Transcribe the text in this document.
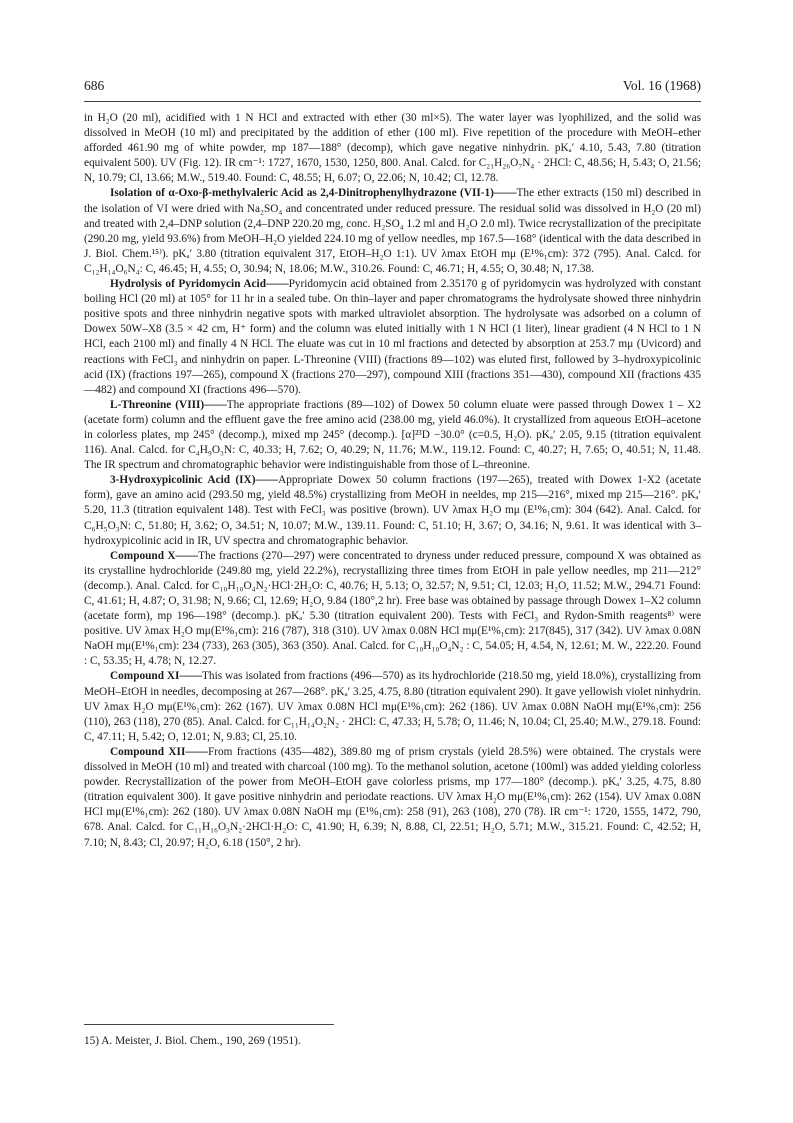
686	Vol. 16 (1968)

in H₂O (20 ml), acidified with 1 N HCl and extracted with ether (30 ml×5). The water layer was lyophilized, and the solid was dissolved in MeOH (10 ml) and precipitated by the addition of ether (100 ml). Five repetition of the procedure with MeOH–ether afforded 461.90 mg of white powder, mp 187—188° (decomp), which gave negative ninhydrin. pKₐ′ 4.10, 5.43, 7.80 (titration equivalent 500). UV (Fig. 12). IR cm⁻¹: 1727, 1670, 1530, 1250, 800. Anal. Calcd. for C₂₁H₂₆O₇N₄ · 2HCl: C, 48.56; H, 5.43; O, 21.56; N, 10.79; Cl, 13.66; M.W., 519.40. Found: C, 48.55; H, 6.07; O, 22.06; N, 10.42; Cl, 12.78.

Isolation of α-Oxo-β-methylvaleric Acid as 2,4-Dinitrophenylhydrazone (VII-1)——The ether extracts (150 ml) described in the isolation of VI were dried with Na₂SO₄ and concentrated under reduced pressure. The residual solid was dissolved in H₂O (20 ml) and treated with 2,4–DNP solution (2,4–DNP 220.20 mg, conc. H₂SO₄ 1.2 ml and H₂O 2.0 ml). Twice recrystallization of the precipitate (290.20 mg, yield 93.6%) from MeOH–H₂O yielded 224.10 mg of yellow needles, mp 167.5—168° (identical with the data described in J. Biol. Chem.¹⁵⁾). pKₐ′ 3.80 (titration equivalent 317, EtOH–H₂O 1:1). UV λmax EtOH mμ (E¹%₁cm): 372 (795). Anal. Calcd. for C₁₂H₁₄O₆N₄: C, 46.45; H, 4.55; O, 30.94; N, 18.06; M.W., 310.26. Found: C, 46.71; H, 4.55; O, 30.48; N, 17.38.

Hydrolysis of Pyridomycin Acid——Pyridomycin acid obtained from 2.35170 g of pyridomycin was hydrolyzed with constant boiling HCl (20 ml) at 105° for 11 hr in a sealed tube. On thin–layer and paper chromatograms the hydrolysate showed three ninhydrin positive spots and three ninhydrin negative spots with marked ultraviolet absorption. The hydrolysate was adsorbed on a column of Dowex 50W–X8 (3.5 × 42 cm, H⁺ form) and the column was eluted initially with 1 N HCl (1 liter), linear gradient (4 N HCl to 1 N HCl, each 2100 ml) and finally 4 N HCl. The eluate was cut in 10 ml fractions and detected by absorption at 253.7 mμ (Uvicord) and reactions with FeCl₃ and ninhydrin on paper. L-Threonine (VIII) (fractions 89—102) was eluted first, followed by 3–hydroxypicolinic acid (IX) (fractions 197—265), compound X (fractions 270—297), compound XIII (fractions 351—430), compound XII (fractions 435—482) and compound XI (fractions 496—570).

L-Threonine (VIII)——The appropriate fractions (89—102) of Dowex 50 column eluate were passed through Dowex 1 – X2 (acetate form) column and the effluent gave the free amino acid (238.00 mg, yield 46.0%). It crystallized from aqueous EtOH–acetone in colorless plates, mp 245° (decomp.), mixed mp 245° (decomp.). [α]²³D −30.0° (c=0.5, H₂O). pKₐ′ 2.05, 9.15 (titration equivalent 116). Anal. Calcd. for C₄H₉O₃N: C, 40.33; H, 7.62; O, 40.29; N, 11.76; M.W., 119.12. Found: C, 40.27; H, 7.65; O, 40.51; N, 11.48. The IR spectrum and chromatographic behavior were indistinguishable from those of L–threonine.

3-Hydroxypicolinic Acid (IX)——Appropriate Dowex 50 column fractions (197—265), treated with Dowex 1-X2 (acetate form), gave an amino acid (293.50 mg, yield 48.5%) crystallizing from MeOH in neeldes, mp 215—216°, mixed mp 215—216°. pKₐ′ 5.20, 11.3 (titration equivalent 148). Test with FeCl₃ was positive (brown). UV λmax H₂O mμ (E¹%₁cm): 304 (642). Anal. Calcd. for C₆H₅O₃N: C, 51.80; H, 3.62; O, 34.51; N, 10.07; M.W., 139.11. Found: C, 51.10; H, 3.67; O, 34.16; N, 9.61. It was identical with 3–hydroxypicolinic acid in IR, UV spectra and chromatographic behavior.

Compound X——The fractions (270—297) were concentrated to dryness under reduced pressure, compound X was obtained as its crystalline hydrochloride (249.80 mg, yield 22.2%), recrystallizing three times from EtOH in pale yellow needles, mp 211—212° (decomp.). Anal. Calcd. for C₁₀H₁₀O₄N₂·HCl·2H₂O: C, 40.76; H, 5.13; O, 32.57; N, 9.51; Cl, 12.03; H₂O, 11.52; M.W., 294.71 Found: C, 41.61; H, 4.87; O, 31.98; N, 9.66; Cl, 12.69; H₂O, 9.84 (180°,2 hr). Free base was obtained by passage through Dowex 1–X2 column (acetate form), mp 196—198° (decomp.). pKₐ′ 5.30 (titration equivalent 200). Tests with FeCl₃ and Rydon-Smith reagents⁸⁾ were positive. UV λmax H₂O mμ(E¹%₁cm): 216 (787), 318 (310). UV λmax 0.08N HCl mμ(E¹%₁cm): 217(845), 317 (342). UV λmax 0.08N NaOH mμ(E¹%₁cm): 234 (733), 263 (305), 363 (350). Anal. Calcd. for C₁₀H₁₀O₄N₂ : C, 54.05; H, 4.54, N, 12.61; M. W., 222.20. Found : C, 53.35; H, 4.78; N, 12.27.

Compound XI——This was isolated from fractions (496—570) as its hydrochloride (218.50 mg, yield 18.0%), crystallizing from MeOH–EtOH in needles, decomposing at 267—268°. pKₐ′ 3.25, 4.75, 8.80 (titration equivalent 290). It gave yellowish violet ninhydrin. UV λmax H₂O mμ(E¹%₁cm): 262 (167). UV λmax 0.08N HCl mμ(E¹%₁cm): 262 (186). UV λmax 0.08N NaOH mμ(E¹%₁cm): 256 (110), 263 (118), 270 (85). Anal. Calcd. for C₁₁H₁₄O₂N₂ · 2HCl: C, 47.33; H, 5.78; O, 11.46; N, 10.04; Cl, 25.40; M.W., 279.18. Found: C, 47.11; H, 5.42; O, 12.01; N, 9.83; Cl, 25.10.

Compound XII——From fractions (435—482), 389.80 mg of prism crystals (yield 28.5%) were obtained. The crystals were dissolved in MeOH (10 ml) and treated with charcoal (100 mg). To the methanol solution, acetone (100ml) was added yielding colorless powder. Recrystallization of the power from MeOH–EtOH gave colorless prisms, mp 177—180° (decomp.). pKₐ′ 3.25, 4.75, 8.80 (titration equivalent 300). It gave positive ninhydrin and periodate reactions. UV λmax H₂O mμ(E¹%₁cm): 262 (154). UV λmax 0.08N HCl mμ(E¹%₁cm): 262 (180). UV λmax 0.08N NaOH mμ (E¹%₁cm): 258 (91), 263 (108), 270 (78). IR cm⁻¹: 1720, 1555, 1472, 790, 678. Anal. Calcd. for C₁₁H₁₆O₃N₂·2HCl·H₂O: C, 41.90; H, 6.39; N, 8.88, Cl, 22.51; H₂O, 5.71; M.W., 315.21. Found: C, 42.52; H, 7.10; N, 8.43; Cl, 20.97; H₂O, 6.18 (150°, 2 hr).

15) A. Meister, J. Biol. Chem., 190, 269 (1951).
